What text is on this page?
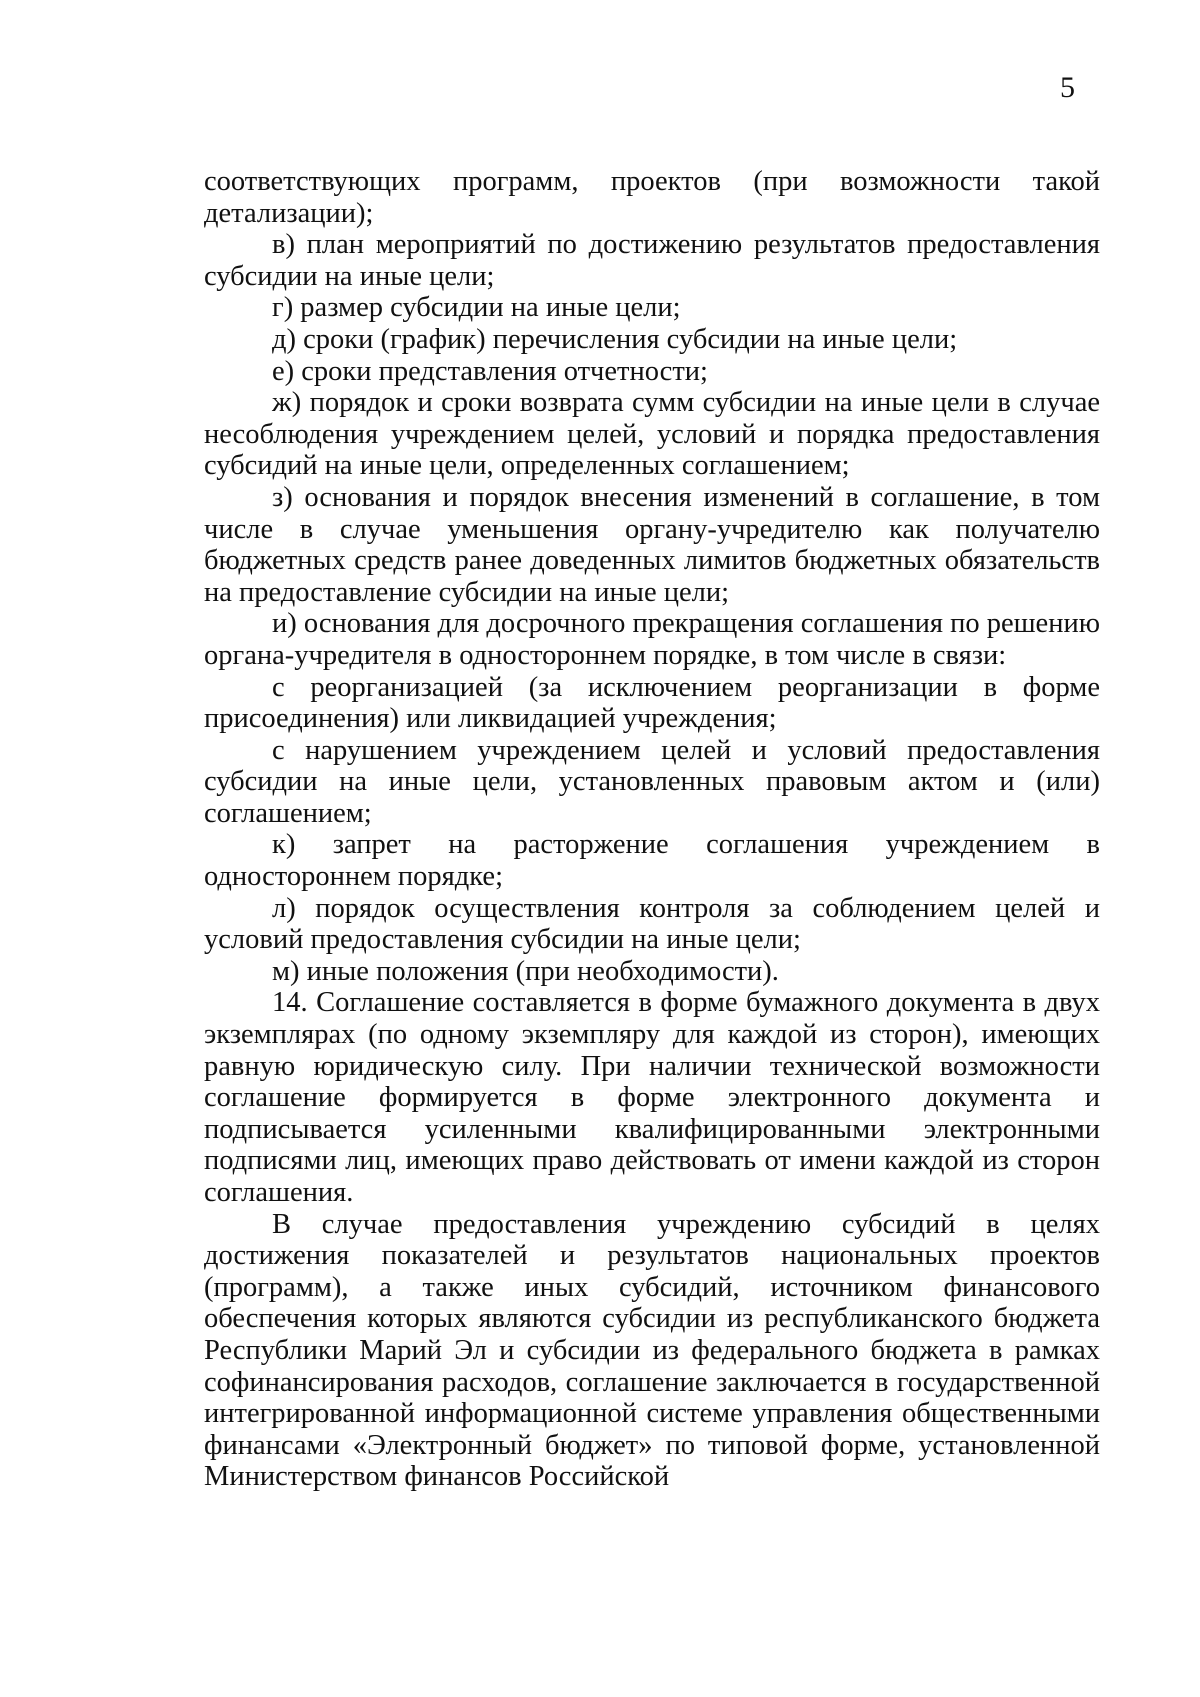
5

соответствующих программ, проектов (при возможности такой детализации);

в) план мероприятий по достижению результатов предоставления субсидии на иные цели;

г) размер субсидии на иные цели;

д) сроки (график) перечисления субсидии на иные цели;

е) сроки представления отчетности;

ж) порядок и сроки возврата сумм субсидии на иные цели в случае несоблюдения учреждением целей, условий и порядка предоставления субсидий на иные цели, определенных соглашением;

з) основания и порядок внесения изменений в соглашение, в том числе в случае уменьшения органу-учредителю как получателю бюджетных средств ранее доведенных лимитов бюджетных обязательств на предоставление субсидии на иные цели;

и) основания для досрочного прекращения соглашения по решению органа-учредителя в одностороннем порядке, в том числе в связи:

с реорганизацией (за исключением реорганизации в форме присоединения) или ликвидацией учреждения;

с нарушением учреждением целей и условий предоставления субсидии на иные цели, установленных правовым актом и (или) соглашением;

к) запрет на расторжение соглашения учреждением в одностороннем порядке;

л) порядок осуществления контроля за соблюдением целей и условий предоставления субсидии на иные цели;

м) иные положения (при необходимости).

14. Соглашение составляется в форме бумажного документа в двух экземплярах (по одному экземпляру для каждой из сторон), имеющих равную юридическую силу. При наличии технической возможности соглашение формируется в форме электронного документа и подписывается усиленными квалифицированными электронными подписями лиц, имеющих право действовать от имени каждой из сторон соглашения.

В случае предоставления учреждению субсидий в целях достижения показателей и результатов национальных проектов (программ), а также иных субсидий, источником финансового обеспечения которых являются субсидии из республиканского бюджета Республики Марий Эл и субсидии из федерального бюджета в рамках софинансирования расходов, соглашение заключается в государственной интегрированной информационной системе управления общественными финансами «Электронный бюджет» по типовой форме, установленной Министерством финансов Российской
